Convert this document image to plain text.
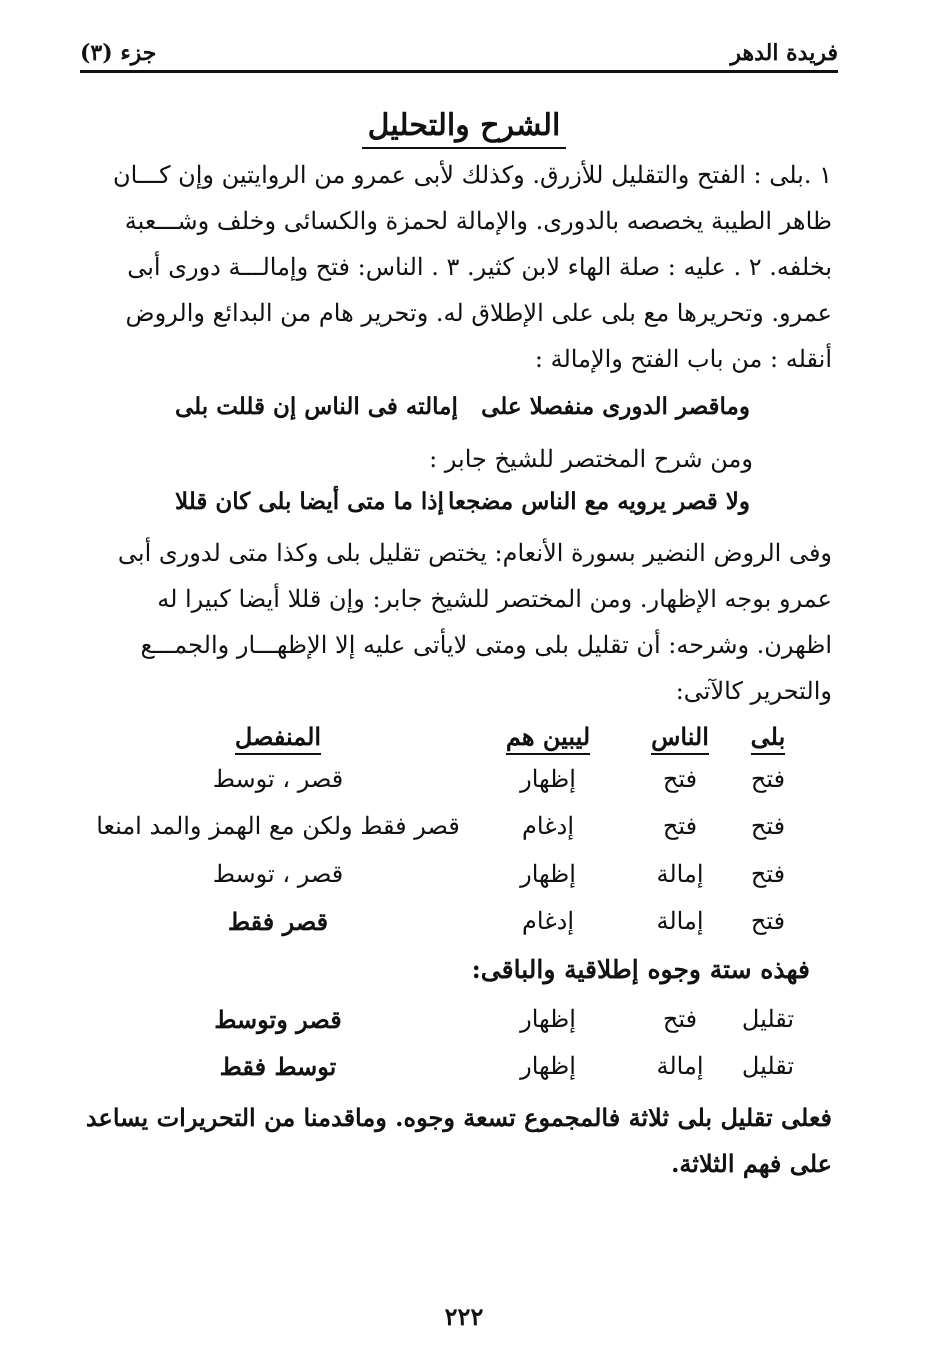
فريدة الدهر
جزء (٣)
الشرح والتحليل
١ .بلى : الفتح والتقليل للأزرق. وكذلك لأبى عمرو من الروايتين وإن كـــان
ظاهر الطيبة يخصصه بالدورى. والإمالة لحمزة والكسائى وخلف وشـــعبة
بخلفه. ٢ . عليه : صلة الهاء لابن كثير. ٣ . الناس: فتح وإمالـــة دورى أبى
عمرو. وتحريرها مع بلى على الإطلاق له. وتحرير هام من البدائع والروض
أنقله : من باب الفتح والإمالة :
وماقصر الدورى منفصلا على
إمالته فى الناس إن قللت بلى
ومن شرح المختصر للشيخ جابر :
ولا قصر يرويه مع الناس مضجعا
إذا ما متى أيضا بلى كان قللا
وفى الروض النضير بسورة الأنعام: يختص تقليل بلى وكذا متى لدورى أبى
عمرو بوجه الإظهار. ومن المختصر للشيخ جابر: وإن قللا أيضا كبيرا له
اظهرن. وشرحه: أن تقليل بلى ومتى لايأتى عليه إلا الإظهـــار والجمـــع
والتحرير كالآتى:
بلى
الناس
ليبين هم
المنفصل
فتح
فتح
إظهار
قصر ، توسط
فتح
فتح
إدغام
قصر فقط ولكن مع الهمز والمد امنعا
فتح
إمالة
إظهار
قصر ، توسط
فتح
إمالة
إدغام
قصر فقط
فهذه ستة وجوه إطلاقية والباقى:
تقليل
فتح
إظهار
قصر وتوسط
تقليل
إمالة
إظهار
توسط فقط
فعلى تقليل بلى ثلاثة فالمجموع تسعة وجوه. وماقدمنا من التحريرات يساعد
على فهم الثلاثة.
٢٢٢
